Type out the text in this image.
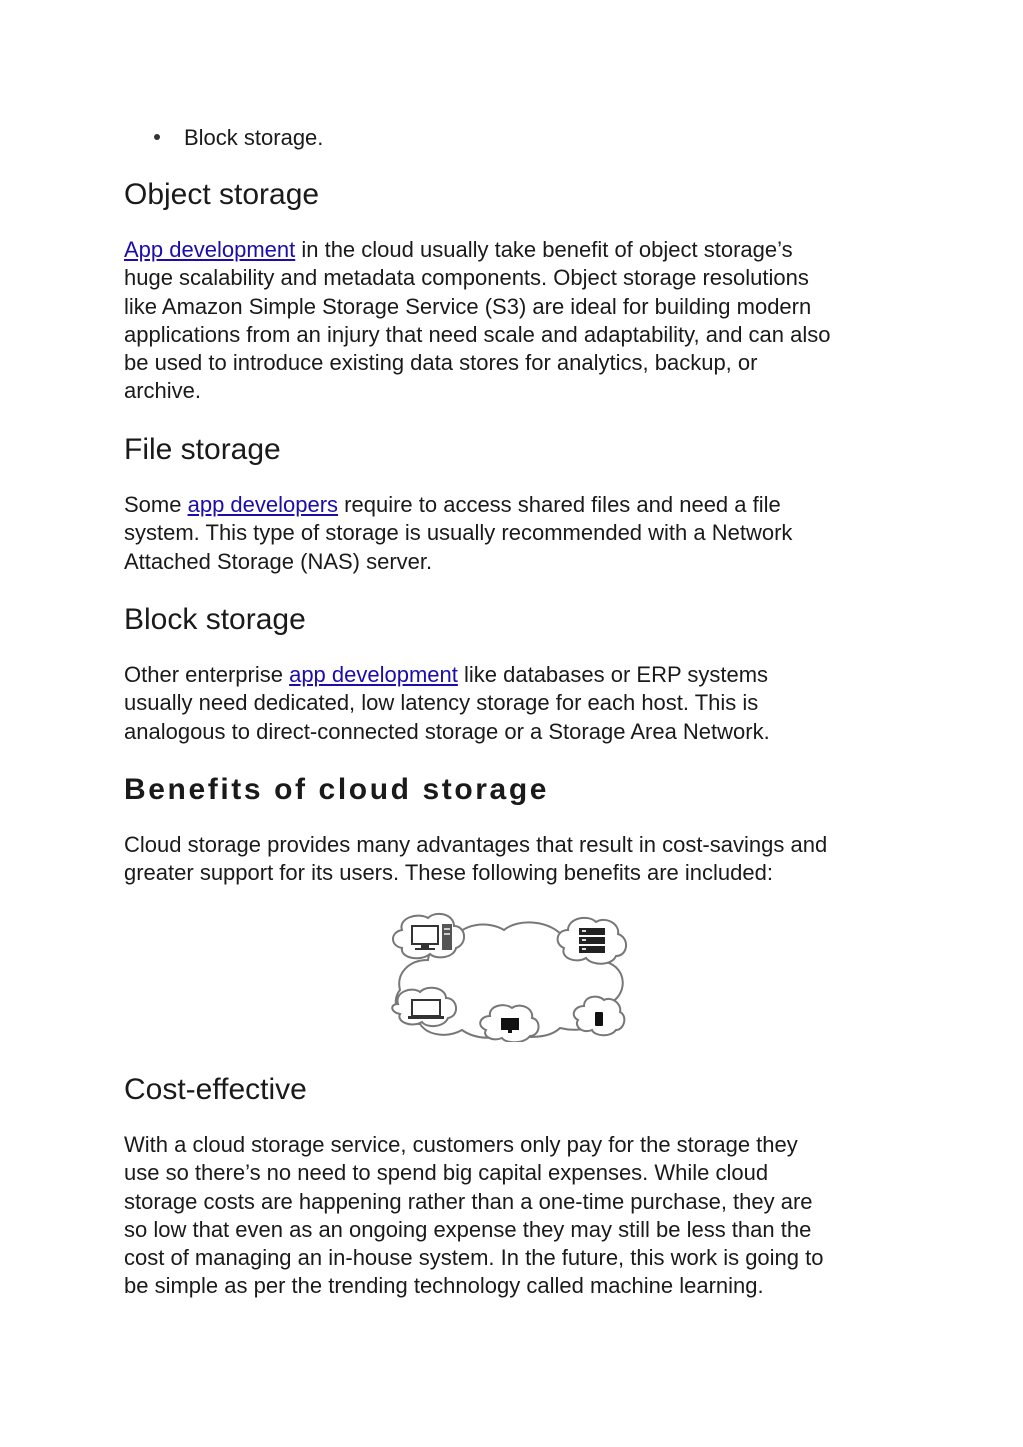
Block storage.
Object storage

App development in the cloud usually take benefit of object storage’s
huge scalability and metadata components. Object storage resolutions
like Amazon Simple Storage Service (S3) are ideal for building modern
applications from an injury that need scale and adaptability, and can also
be used to introduce existing data stores for analytics, backup, or
archive.

File storage

Some app developers require to access shared files and need a file
system. This type of storage is usually recommended with a Network
Attached Storage (NAS) server.

Block storage

Other enterprise app development like databases or ERP systems
usually need dedicated, low latency storage for each host. This is
analogous to direct-connected storage or a Storage Area Network.

Benefits of cloud storage

Cloud storage provides many advantages that result in cost-savings and
greater support for its users. These following benefits are included:

Cost-effective

With a cloud storage service, customers only pay for the storage they
use so there’s no need to spend big capital expenses. While cloud
storage costs are happening rather than a one-time purchase, they are
so low that even as an ongoing expense they may still be less than the
cost of managing an in-house system. In the future, this work is going to
be simple as per the trending technology called machine learning.
